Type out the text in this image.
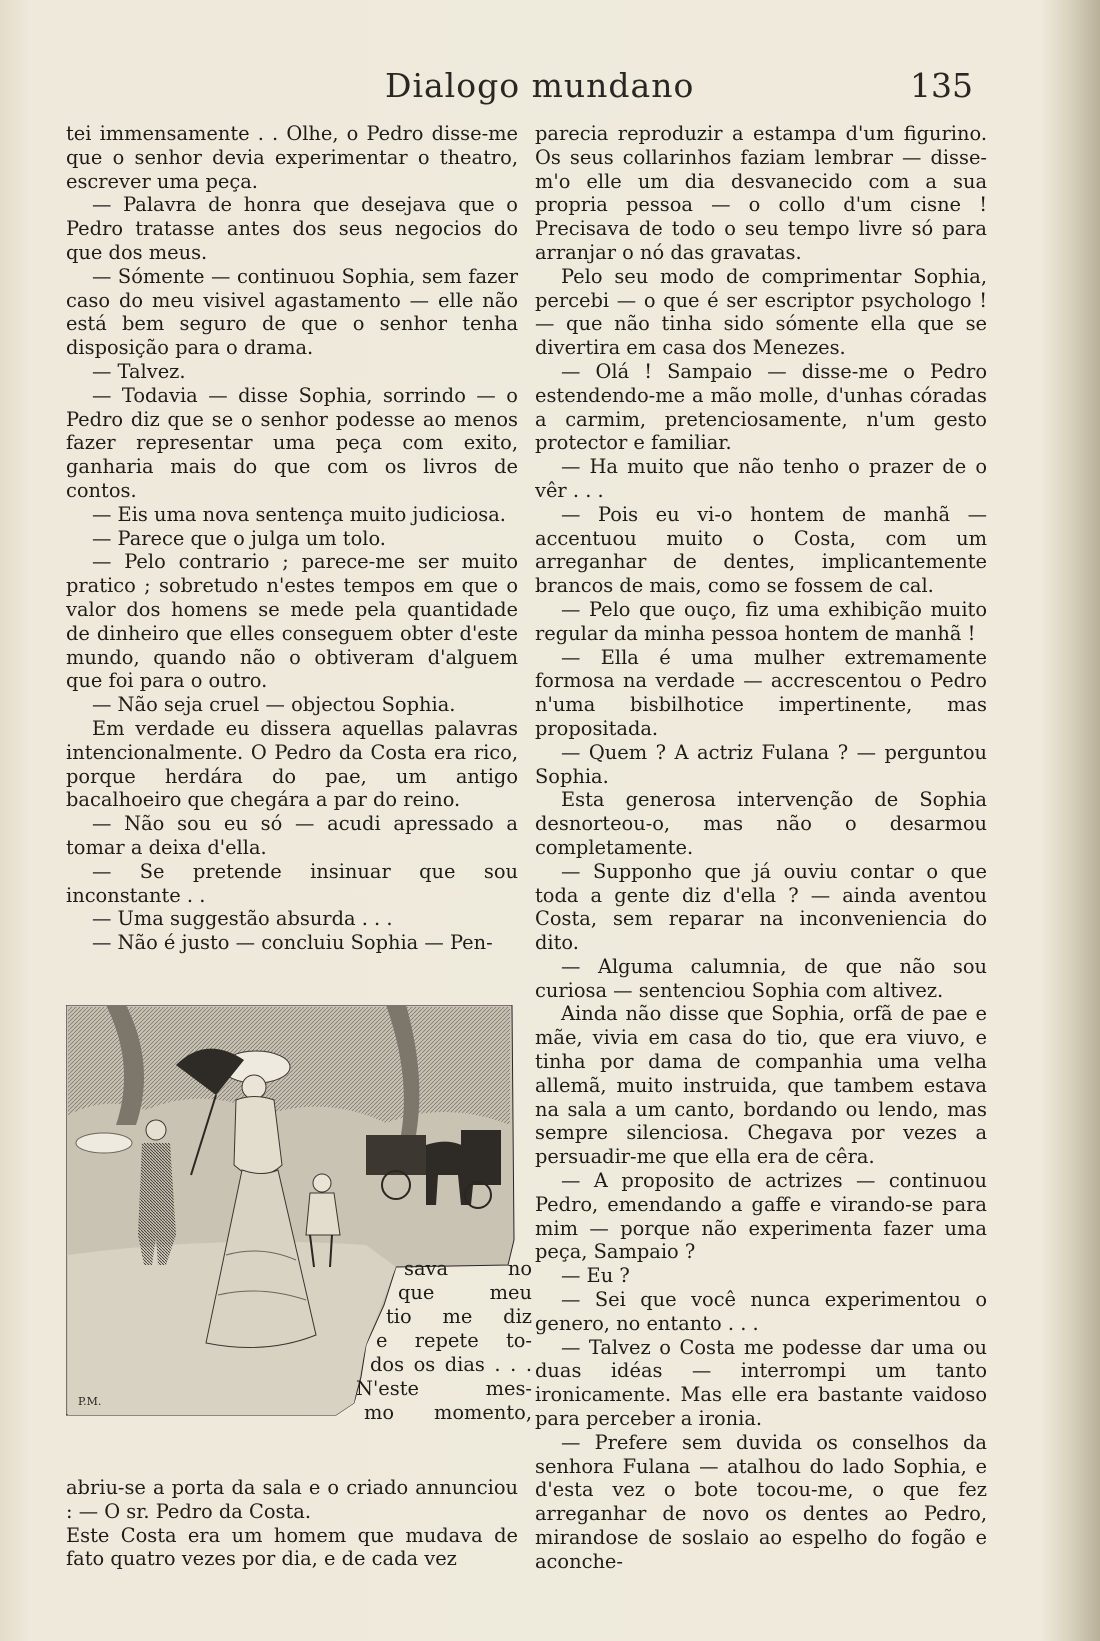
Dialogo mundano	135

tei immensamente . . Olhe, o Pedro disse-me que o senhor devia experimentar o theatro, escrever uma peça.

— Palavra de honra que desejava que o Pedro tratasse antes dos seus negocios do que dos meus.

— Sómente — continuou Sophia, sem fazer caso do meu visivel agastamento — elle não está bem seguro de que o senhor tenha disposição para o drama.

— Talvez.

— Todavia — disse Sophia, sorrindo — o Pedro diz que se o senhor podesse ao menos fazer representar uma peça com exito, ganharia mais do que com os livros de contos.

— Eis uma nova sentença muito judiciosa.

— Parece que o julga um tolo.

— Pelo contrario ; parece-me ser muito pratico ; sobretudo n'estes tempos em que o valor dos homens se mede pela quantidade de dinheiro que elles conseguem obter d'este mundo, quando não o obtiveram d'alguem que foi para o outro.

— Não seja cruel — objectou Sophia.

Em verdade eu dissera aquellas palavras intencionalmente. O Pedro da Costa era rico, porque herdára do pae, um antigo bacalhoeiro que chegára a par do reino.

— Não sou eu só — acudi apressado a tomar a deixa d'ella.

— Se pretende insinuar que sou inconstante . .

— Uma suggestão absurda . . .

— Não é justo — concluiu Sophia — Pen-

P.M.
sava no
que meu
tio me diz
e repete to-
dos os dias . . .
N'este mes-
mo momento,

abriu-se a porta da sala e o criado annunciou : — O sr. Pedro da Costa.

Este Costa era um homem que mudava de fato quatro vezes por dia, e de cada vez

parecia reproduzir a estampa d'um figurino. Os seus collarinhos faziam lembrar — disse-m'o elle um dia desvanecido com a sua propria pessoa — o collo d'um cisne ! Precisava de todo o seu tempo livre só para arranjar o nó das gravatas.

Pelo seu modo de comprimentar Sophia, percebi — o que é ser escriptor psychologo ! — que não tinha sido sómente ella que se divertira em casa dos Menezes.

— Olá ! Sampaio — disse-me o Pedro estendendo-me a mão molle, d'unhas córadas a carmim, pretenciosamente, n'um gesto protector e familiar.

— Ha muito que não tenho o prazer de o vêr . . .

— Pois eu vi-o hontem de manhã — accentuou muito o Costa, com um arreganhar de dentes, implicantemente brancos de mais, como se fossem de cal.

— Pelo que ouço, fiz uma exhibição muito regular da minha pessoa hontem de manhã !

— Ella é uma mulher extremamente formosa na verdade — accrescentou o Pedro n'uma bisbilhotice impertinente, mas propositada.

— Quem ? A actriz Fulana ? — perguntou Sophia.

Esta generosa intervenção de Sophia desnorteou-o, mas não o desarmou completamente.

— Supponho que já ouviu contar o que toda a gente diz d'ella ? — ainda aventou Costa, sem reparar na inconveniencia do dito.

— Alguma calumnia, de que não sou curiosa — sentenciou Sophia com altivez.

Ainda não disse que Sophia, orfã de pae e mãe, vivia em casa do tio, que era viuvo, e tinha por dama de companhia uma velha allemã, muito instruida, que tambem estava na sala a um canto, bordando ou lendo, mas sempre silenciosa. Chegava por vezes a persuadir-me que ella era de cêra.

— A proposito de actrizes — continuou Pedro, emendando a gaffe e virando-se para mim — porque não experimenta fazer uma peça, Sampaio ?

— Eu ?

— Sei que você nunca experimentou o genero, no entanto . . .

— Talvez o Costa me podesse dar uma ou duas idéas — interrompi um tanto ironicamente. Mas elle era bastante vaidoso para perceber a ironia.

— Prefere sem duvida os conselhos da senhora Fulana — atalhou do lado Sophia, e d'esta vez o bote tocou-me, o que fez arreganhar de novo os dentes ao Pedro, mirandose de soslaio ao espelho do fogão e aconche-
